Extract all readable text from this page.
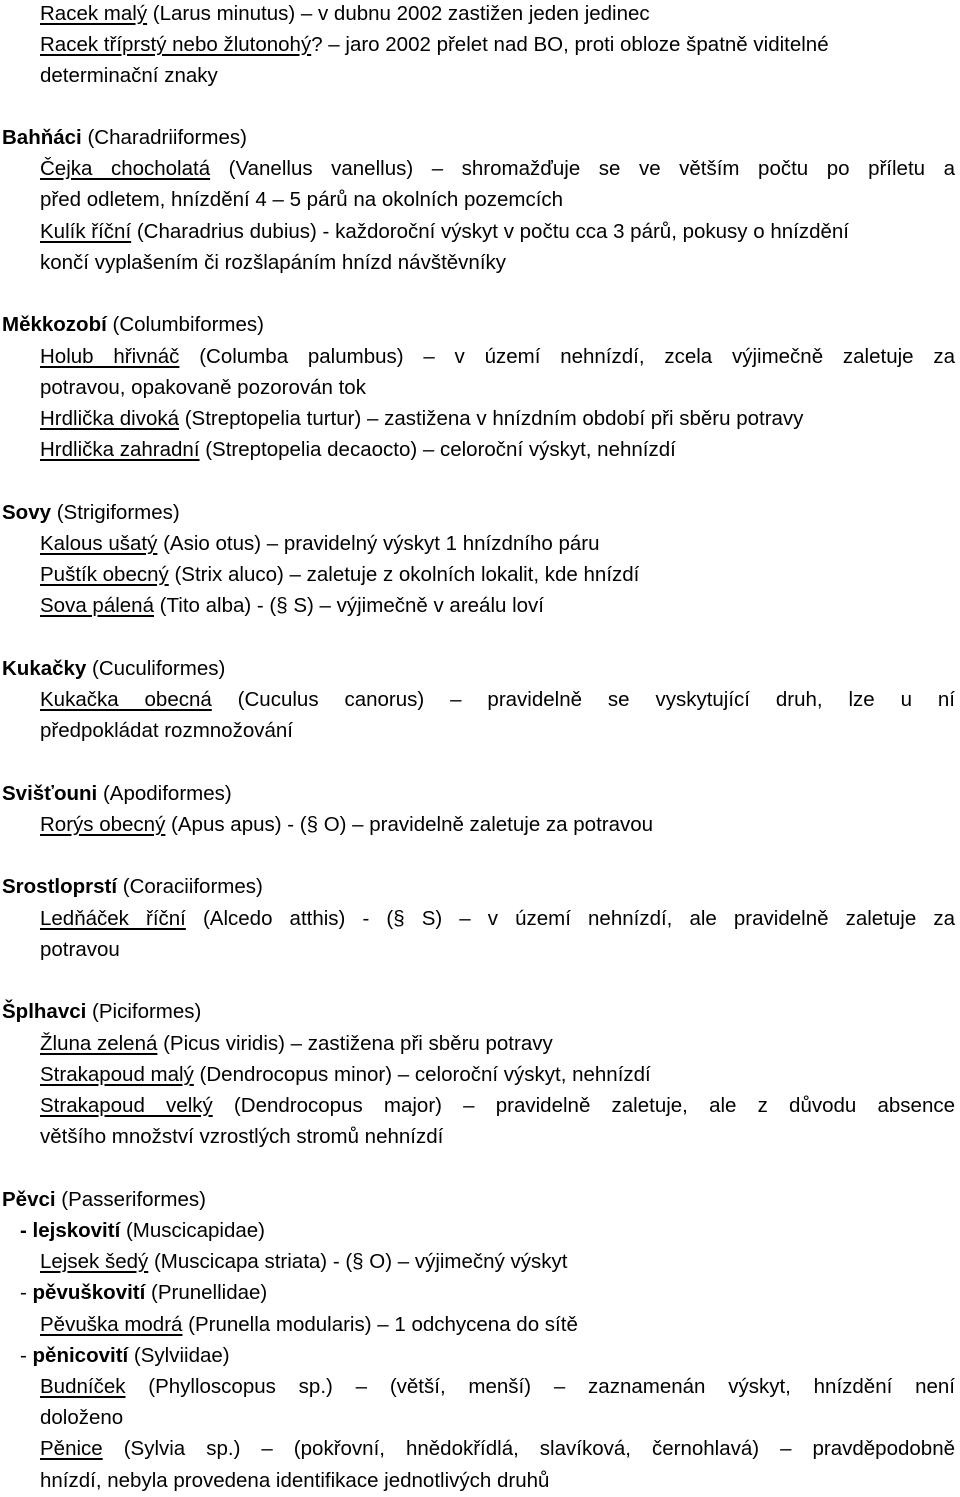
Racek malý (Larus minutus) – v dubnu 2002 zastižen jeden jedinec
Racek tříprstý nebo žlutonohý? – jaro 2002 přelet nad BO, proti obloze špatně viditelné
determinační znaky
Bahňáci (Charadriiformes)
Čejka chocholatá (Vanellus vanellus) – shromažďuje se ve větším počtu po příletu a
před odletem, hnízdění 4 – 5 párů na okolních pozemcích
Kulík říční (Charadrius dubius) - každoroční výskyt v počtu cca 3 párů, pokusy o hnízdění
končí vyplašením či rozšlapáním hnízd návštěvníky
Měkkozobí (Columbiformes)
Holub hřivnáč (Columba palumbus) – v území nehnízdí, zcela výjimečně zaletuje za
potravou, opakovaně pozorován tok
Hrdlička divoká (Streptopelia turtur) – zastižena v hnízdním období při sběru potravy
Hrdlička zahradní (Streptopelia decaocto) – celoroční výskyt, nehnízdí
Sovy (Strigiformes)
Kalous ušatý (Asio otus) – pravidelný výskyt 1 hnízdního páru
Puštík obecný (Strix aluco) – zaletuje z okolních lokalit, kde hnízdí
Sova pálená (Tito alba) - (§ S) – výjimečně v areálu loví
Kukačky (Cuculiformes)
Kukačka obecná (Cuculus canorus) – pravidelně se vyskytující druh, lze u ní
předpokládat rozmnožování
Svišťouni (Apodiformes)
Rorýs obecný (Apus apus) - (§ O) – pravidelně zaletuje za potravou
Srostloprstí (Coraciiformes)
Ledňáček říční (Alcedo atthis) - (§ S) – v území nehnízdí, ale pravidelně zaletuje za
potravou
Šplhavci (Piciformes)
Žluna zelená (Picus viridis) – zastižena při sběru potravy
Strakapoud malý (Dendrocopus minor) – celoroční výskyt, nehnízdí
Strakapoud velký (Dendrocopus major) – pravidelně zaletuje, ale z důvodu absence
většího množství vzrostlých stromů nehnízdí
Pěvci (Passeriformes)
- lejskovití (Muscicapidae)
Lejsek šedý (Muscicapa striata) - (§ O) – výjimečný výskyt
- pěvuškovití (Prunellidae)
Pěvuška modrá (Prunella modularis) – 1 odchycena do sítě
- pěnicovití (Sylviidae)
Budníček (Phylloscopus sp.) – (větší, menší) – zaznamenán výskyt, hnízdění není
doloženo
Pěnice (Sylvia sp.) – (pokřovní, hnědokřídlá, slavíková, černohlavá) – pravděpodobně
hnízdí, nebyla provedena identifikace jednotlivých druhů
